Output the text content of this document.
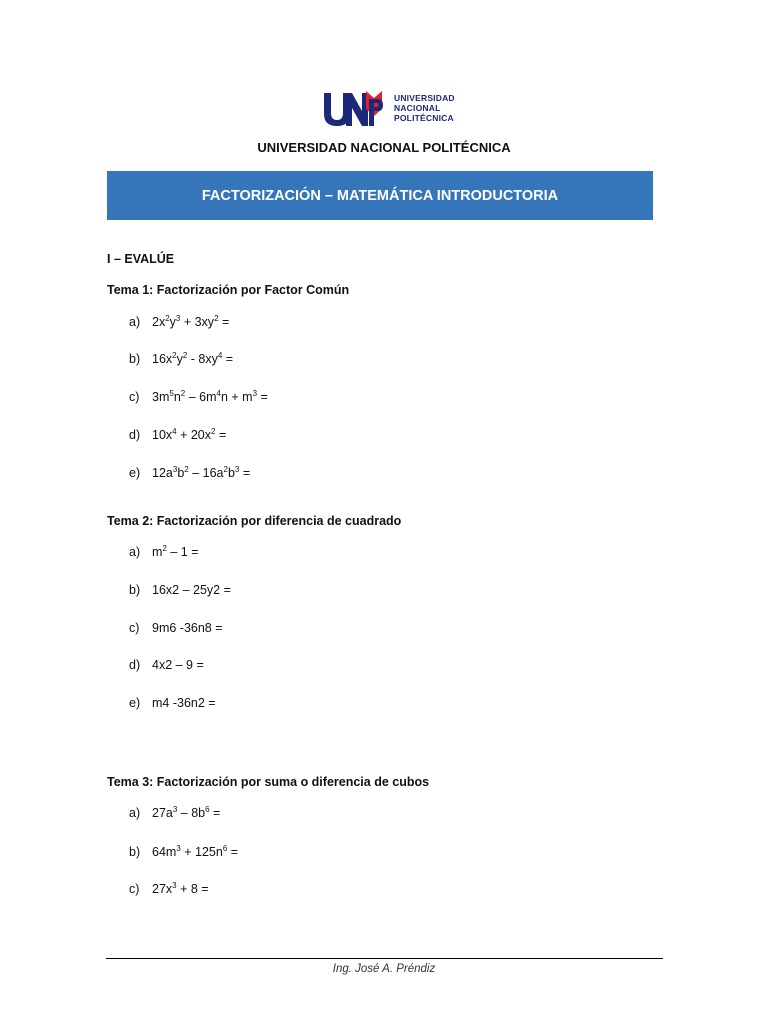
UNIVERSIDAD
NACIONAL
POLITÉCNICA
UNIVERSIDAD NACIONAL POLITÉCNICA
FACTORIZACIÓN – MATEMÁTICA INTRODUCTORIA
I – EVALÚE
Tema 1: Factorización por Factor Común
a) $2x^2y^3 + 3xy^2$ =
b) $16x^2y^2 - 8xy^4$ =
c)	$3m^5n^2 - 6m^4n + m^3$ =
d) $10x^4 + 20x^2$ =
e) $12a^3b^2 - 16a^2b^3$ =
Tema 2: Factorización por diferencia de cuadrado
a) $m^2 - 1$ =
b) 16x2 – 25y2 =
c)	9m6 -36n8 =
d) 4x2 – 9 =
e) m4 -36n2 =
Tema 3: Factorización por suma o diferencia de cubos
a) $27a^3 - 8b^6$ =
b) $64m^3 + 125n^6$ =
c)	$27x^3 + 8$ =
Ing. José A. Préndiz
